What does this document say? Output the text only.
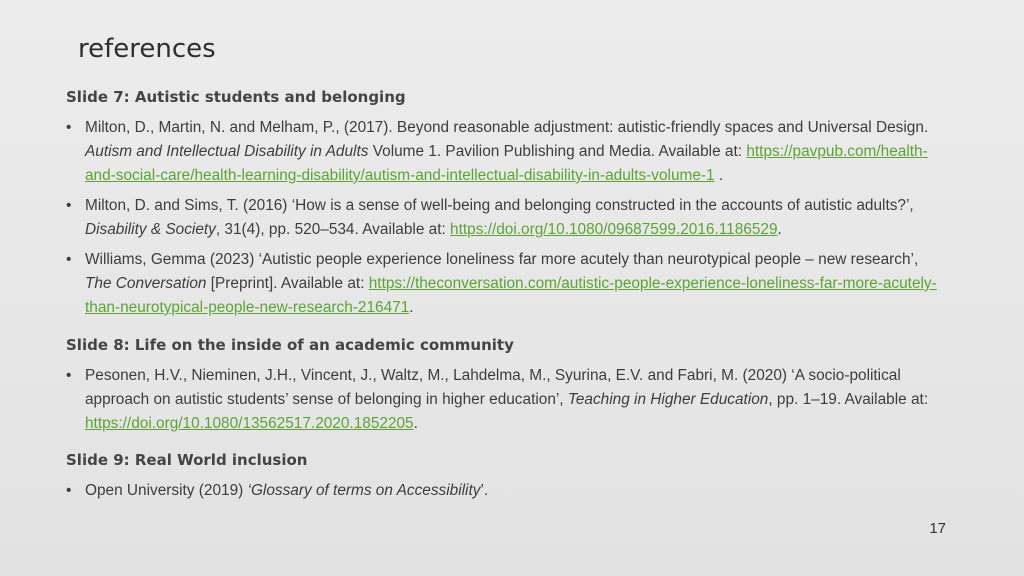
references
Slide 7: Autistic students and belonging
• Milton, D., Martin, N. and Melham, P., (2017). Beyond reasonable adjustment: autistic-friendly spaces and Universal Design. Autism and Intellectual Disability in Adults Volume 1. Pavilion Publishing and Media. Available at: https://pavpub.com/health-and-social-care/health-learning-disability/autism-and-intellectual-disability-in-adults-volume-1 .
• Milton, D. and Sims, T. (2016) ‘How is a sense of well-being and belonging constructed in the accounts of autistic adults?’, Disability & Society, 31(4), pp. 520–534. Available at: https://doi.org/10.1080/09687599.2016.1186529.
• Williams, Gemma (2023) ‘Autistic people experience loneliness far more acutely than neurotypical people – new research’, The Conversation [Preprint]. Available at: https://theconversation.com/autistic-people-experience-loneliness-far-more-acutely-than-neurotypical-people-new-research-216471.
Slide 8: Life on the inside of an academic community
• Pesonen, H.V., Nieminen, J.H., Vincent, J., Waltz, M., Lahdelma, M., Syurina, E.V. and Fabri, M. (2020) ‘A socio-political approach on autistic students’ sense of belonging in higher education’, Teaching in Higher Education, pp. 1–19. Available at: https://doi.org/10.1080/13562517.2020.1852205.
Slide 9: Real World inclusion
• Open University (2019) ‘Glossary of terms on Accessibility’.
17
